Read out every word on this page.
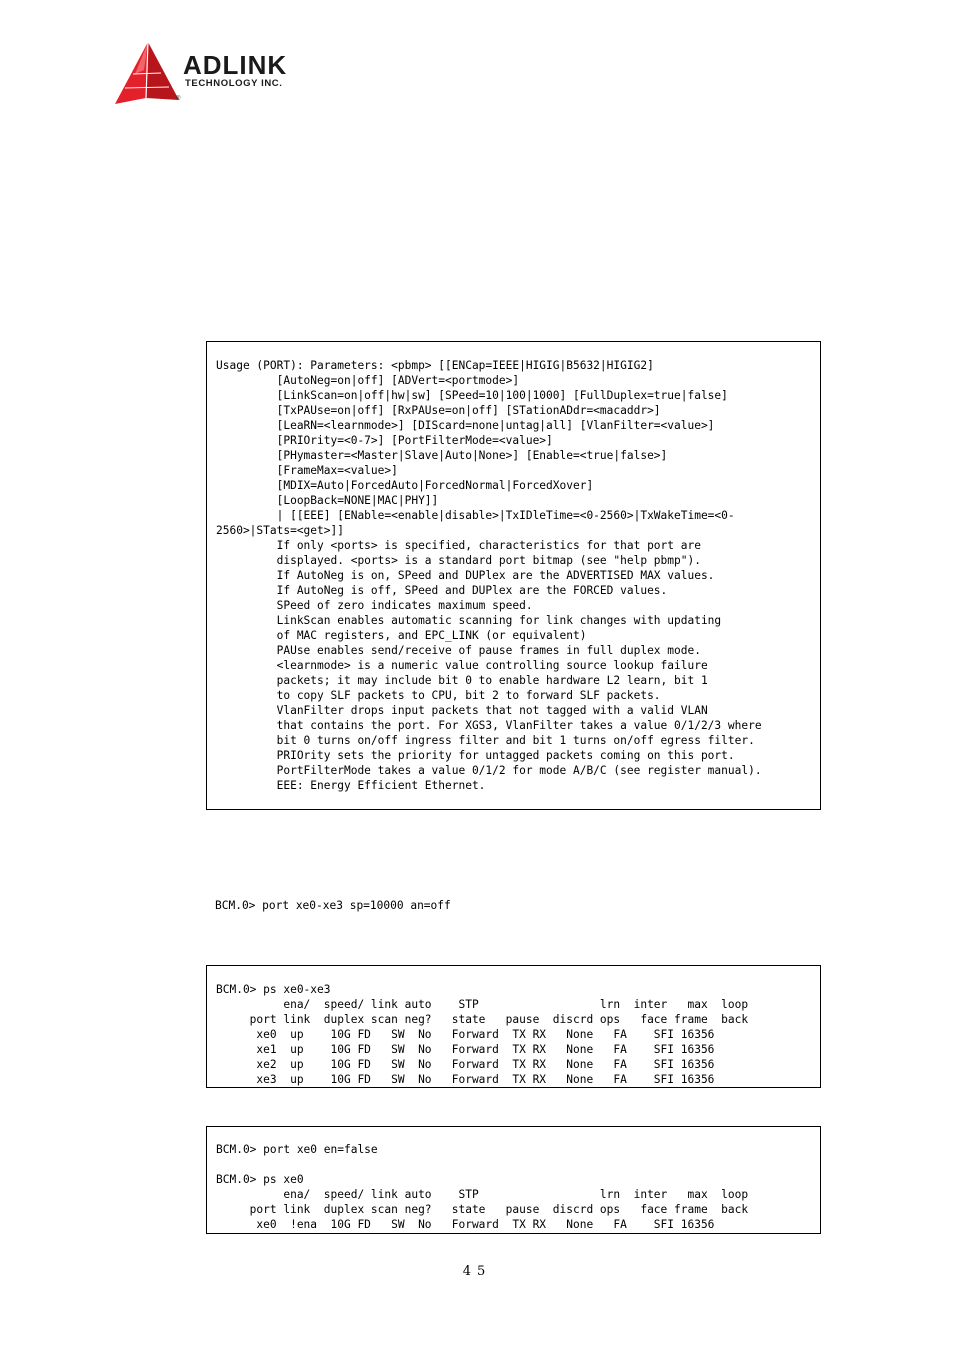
ADLINK
TECHNOLOGY INC.
®
Usage (PORT): Parameters: <pbmp> [[ENCap=IEEE|HIGIG|B5632|HIGIG2]
[AutoNeg=on|off] [ADVert=<portmode>]
[LinkScan=on|off|hw|sw] [SPeed=10|100|1000] [FullDuplex=true|false]
[TxPAUse=on|off] [RxPAUse=on|off] [STationADdr=<macaddr>]
[LeaRN=<learnmode>] [DIScard=none|untag|all] [VlanFilter=<value>]
[PRIOrity=<0-7>] [PortFilterMode=<value>]
[PHymaster=<Master|Slave|Auto|None>] [Enable=<true|false>]
[FrameMax=<value>]
[MDIX=Auto|ForcedAuto|ForcedNormal|ForcedXover]
[LoopBack=NONE|MAC|PHY]]
| [[EEE] [ENable=<enable|disable>|TxIDleTime=<0-2560>|TxWakeTime=<0-
2560>|STats=<get>]]
If only <ports> is specified, characteristics for that port are
displayed. <ports> is a standard port bitmap (see "help pbmp").
If AutoNeg is on, SPeed and DUPlex are the ADVERTISED MAX values.
If AutoNeg is off, SPeed and DUPlex are the FORCED values.
SPeed of zero indicates maximum speed.
LinkScan enables automatic scanning for link changes with updating
of MAC registers, and EPC_LINK (or equivalent)
PAUse enables send/receive of pause frames in full duplex mode.
<learnmode> is a numeric value controlling source lookup failure
packets; it may include bit 0 to enable hardware L2 learn, bit 1
to copy SLF packets to CPU, bit 2 to forward SLF packets.
VlanFilter drops input packets that not tagged with a valid VLAN
that contains the port. For XGS3, VlanFilter takes a value 0/1/2/3 where
bit 0 turns on/off ingress filter and bit 1 turns on/off egress filter.
PRIOrity sets the priority for untagged packets coming on this port.
PortFilterMode takes a value 0/1/2 for mode A/B/C (see register manual).
EEE: Energy Efficient Ethernet.
BCM.0> port xe0-xe3 sp=10000 an=off
BCM.0> ps xe0-xe3
ena/  speed/ link auto    STP                  lrn  inter   max  loop
port link  duplex scan neg?   state   pause  discrd ops   face frame  back
xe0  up    10G FD   SW  No   Forward  TX RX   None   FA    SFI 16356
xe1  up    10G FD   SW  No   Forward  TX RX   None   FA    SFI 16356
xe2  up    10G FD   SW  No   Forward  TX RX   None   FA    SFI 16356
xe3  up    10G FD   SW  No   Forward  TX RX   None   FA    SFI 16356
BCM.0> port xe0 en=false

BCM.0> ps xe0
ena/  speed/ link auto    STP                  lrn  inter   max  loop
port link  duplex scan neg?   state   pause  discrd ops   face frame  back
xe0  !ena  10G FD   SW  No   Forward  TX RX   None   FA    SFI 16356
45
